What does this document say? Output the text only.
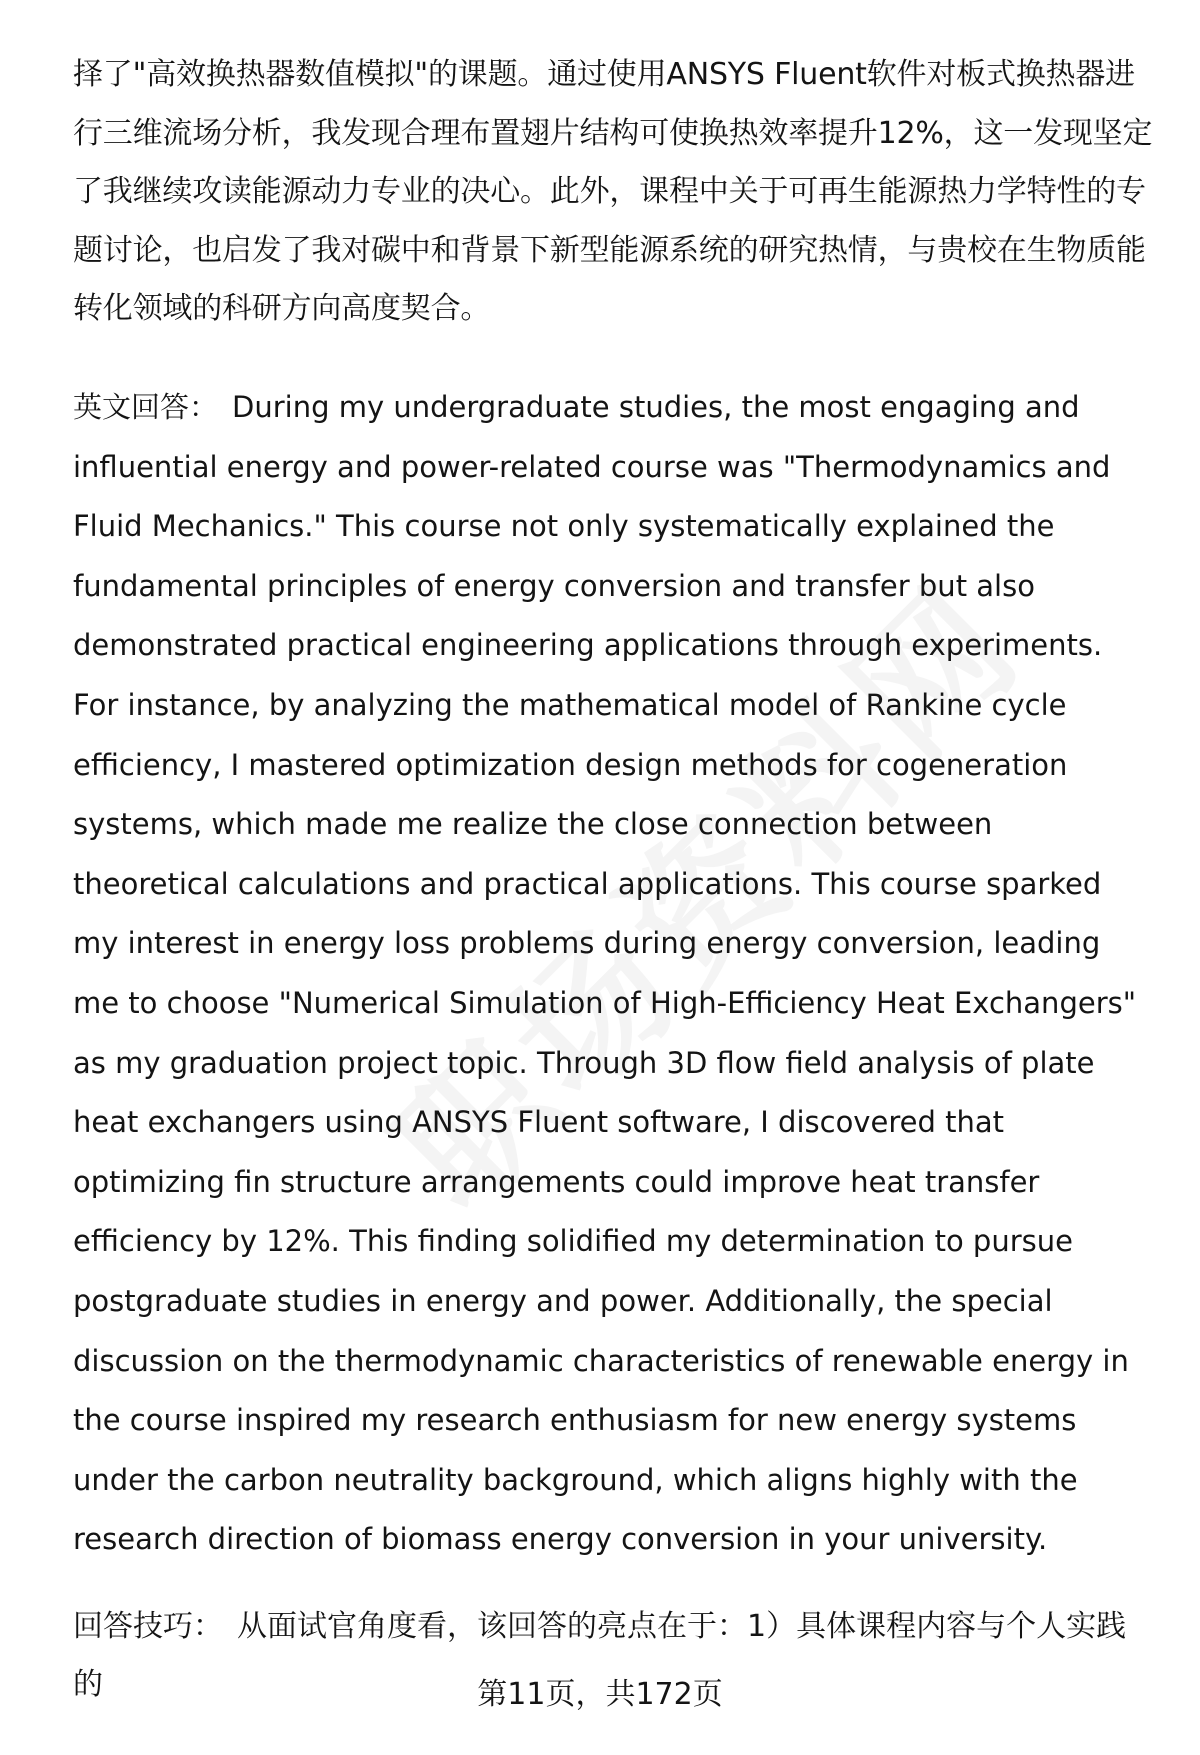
择了"高效换热器数值模拟"的课题。通过使用ANSYS Fluent软件对板式换热器进行三维流场分析，我发现合理布置翅片结构可使换热效率提升12%，这一发现坚定了我继续攻读能源动力专业的决心。此外，课程中关于可再生能源热力学特性的专题讨论，也启发了我对碳中和背景下新型能源系统的研究热情，与贵校在生物质能转化领域的科研方向高度契合。
英文回答： During my undergraduate studies, the most engaging and influential energy and power-related course was "Thermodynamics and Fluid Mechanics." This course not only systematically explained the fundamental principles of energy conversion and transfer but also demonstrated practical engineering applications through experiments. For instance, by analyzing the mathematical model of Rankine cycle efficiency, I mastered optimization design methods for cogeneration systems, which made me realize the close connection between theoretical calculations and practical applications. This course sparked my interest in energy loss problems during energy conversion, leading me to choose "Numerical Simulation of High-Efficiency Heat Exchangers" as my graduation project topic. Through 3D flow field analysis of plate heat exchangers using ANSYS Fluent software, I discovered that optimizing fin structure arrangements could improve heat transfer efficiency by 12%. This finding solidified my determination to pursue postgraduate studies in energy and power. Additionally, the special discussion on the thermodynamic characteristics of renewable energy in the course inspired my research enthusiasm for new energy systems under the carbon neutrality background, which aligns highly with the research direction of biomass energy conversion in your university.
回答技巧： 从面试官角度看，该回答的亮点在于：1）具体课程内容与个人实践的	第11页，共172页
